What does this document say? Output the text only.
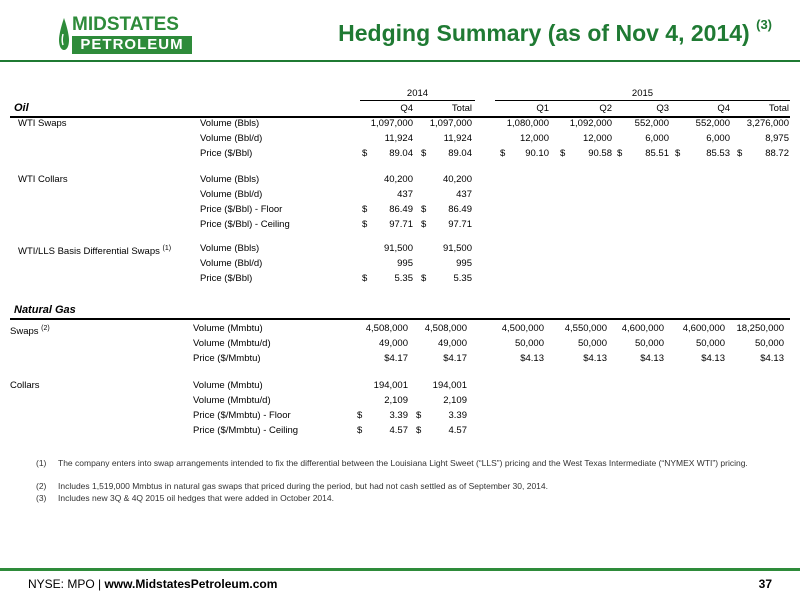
MIDSTATES
PETROLEUM	Hedging Summary (as of Nov 4, 2014) $^{(3)}$
2014	2015
Oil	Q4	Total	Q1	Q2	Q3	Q4	Total
WTI Swaps	Volume (Bbls)	1,097,000	1,097,000	1,080,000	1,092,000	552,000	552,000	3,276,000
Volume (Bbl/d)	11,924	11,924	12,000	12,000	6,000	6,000	8,975
Price ($/Bbl)	$	89.04 $	89.04	$	90.10 $	90.58 $	85.51 $	85.53 $	88.72
WTI Collars	Volume (Bbls)	40,200	40,200
Volume (Bbl/d)	437	437
Price ($/Bbl) - Floor	$	86.49 $	86.49
Price ($/Bbl) - Ceiling	$	97.71 $	97.71
WTI/LLS Basis Differential Swaps $^{(1)}$	Volume (Bbls)	91,500	91,500
Volume (Bbl/d)	995	995
Price ($/Bbl)	$	5.35 $	5.35
Natural Gas
Swaps $^{(2)}$	Volume (Mmbtu)	4,508,000	4,508,000	4,500,000	4,550,000	4,600,000	4,600,000	18,250,000
Volume (Mmbtu/d)	49,000	49,000	50,000	50,000	50,000	50,000	50,000
Price ($/Mmbtu)	$4.17	$4.17	$4.13	$4.13	$4.13	$4.13	$4.13
Collars	Volume (Mmbtu)	194,001	194,001
Volume (Mmbtu/d)	2,109	2,109
Price ($/Mmbtu) - Floor	$	3.39 $	3.39
Price ($/Mmbtu) - Ceiling	$	4.57 $	4.57
(1) The company enters into swap arrangements intended to fix the differential between the Louisiana Light Sweet (“LLS”) pricing and the West Texas Intermediate (“NYMEX WTI”) pricing.
(2) Includes 1,519,000 Mmbtus in natural gas swaps that priced during the period, but had not cash settled as of September 30, 2014.
(3) Includes new 3Q & 4Q 2015 oil hedges that were added in October 2014.
NYSE: MPO | www.MidstatesPetroleum.com	37
